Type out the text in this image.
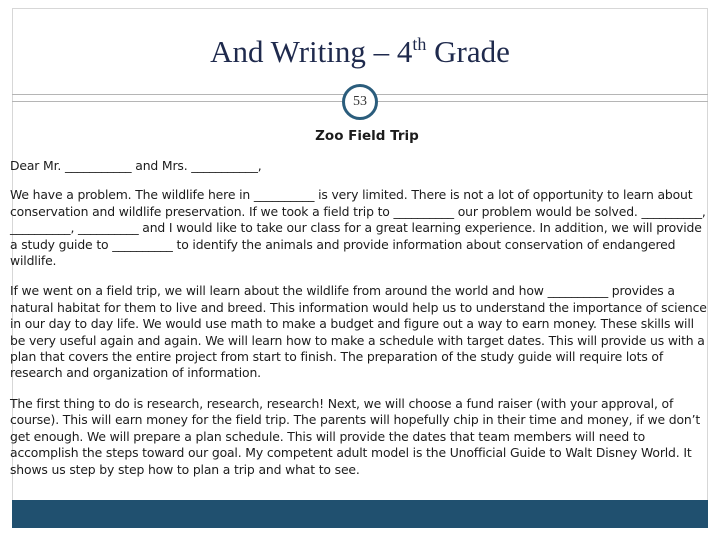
And Writing – 4th Grade
53
Zoo Field Trip

Dear Mr. ___________ and Mrs. ___________,

We have a problem. The wildlife here in __________ is very limited. There is not a lot of opportunity to learn about conservation and wildlife preservation. If we took a field trip to __________ our problem would be solved. __________, __________, __________ and I would like to take our class for a great learning experience. In addition, we will provide a study guide to __________ to identify the animals and provide information about conservation of endangered wildlife.

If we went on a field trip, we will learn about the wildlife from around the world and how __________ provides a natural habitat for them to live and breed. This information would help us to understand the importance of science in our day to day life. We would use math to make a budget and figure out a way to earn money. These skills will be very useful again and again. We will learn how to make a schedule with target dates. This will provide us with a plan that covers the entire project from start to finish. The preparation of the study guide will require lots of research and organization of information.

The first thing to do is research, research, research! Next, we will choose a fund raiser (with your approval, of course). This will earn money for the field trip. The parents will hopefully chip in their time and money, if we don’t get enough. We will prepare a plan schedule. This will provide the dates that team members will need to accomplish the steps toward our goal. My competent adult model is the Unofficial Guide to Walt Disney World. It shows us step by step how to plan a trip and what to see.
